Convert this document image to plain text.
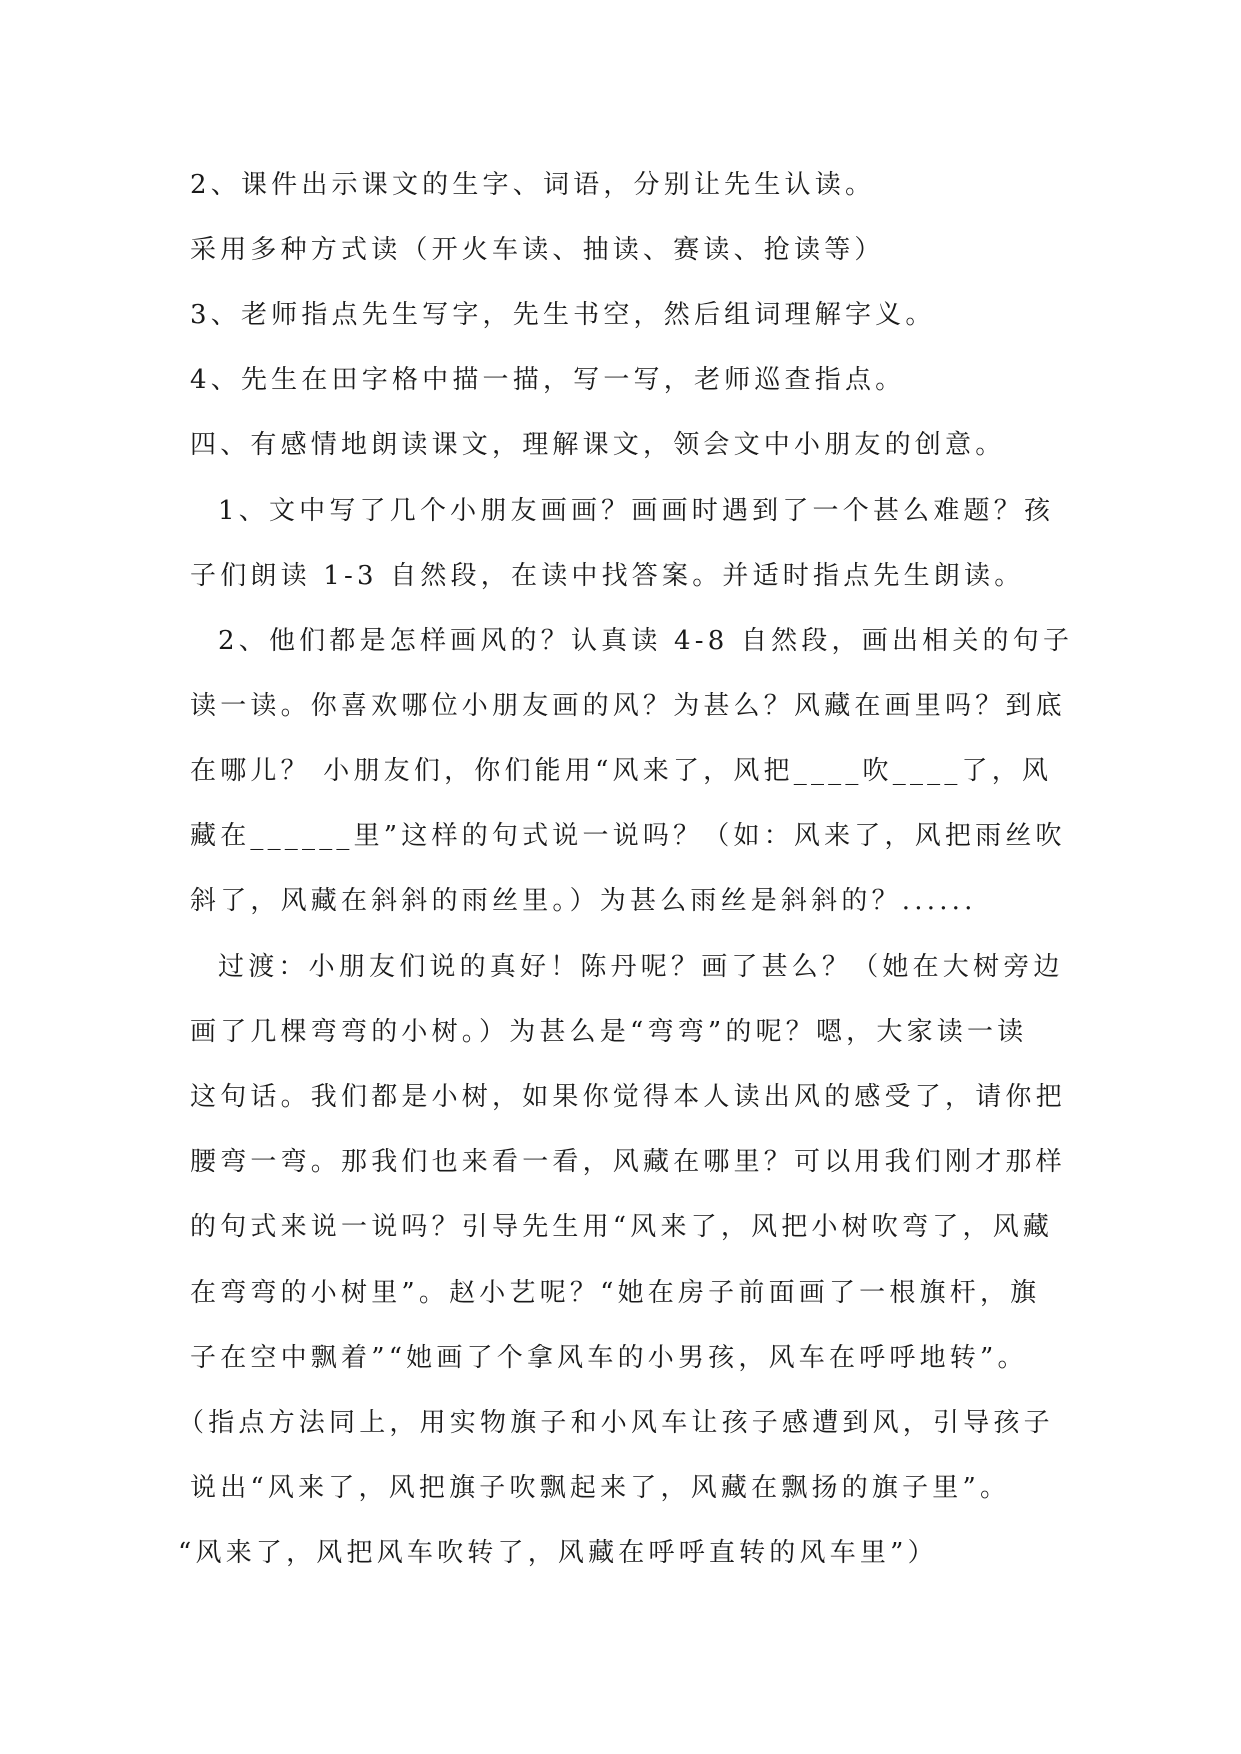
2、课件出示课文的生字、词语，分别让先生认读。
采用多种方式读（开火车读、抽读、赛读、抢读等）
3、老师指点先生写字，先生书空，然后组词理解字义。
4、先生在田字格中描一描，写一写，老师巡查指点。
四、有感情地朗读课文，理解课文，领会文中小朋友的创意。
1、文中写了几个小朋友画画？画画时遇到了一个甚么难题？孩
子们朗读 1-3 自然段，在读中找答案。并适时指点先生朗读。
2、他们都是怎样画风的？认真读 4-8 自然段，画出相关的句子
读一读。你喜欢哪位小朋友画的风？为甚么？风藏在画里吗？到底
在哪儿？ 小朋友们，你们能用“风来了，风把____吹____了，风
藏在______里”这样的句式说一说吗？（如：风来了，风把雨丝吹
斜了，风藏在斜斜的雨丝里。）为甚么雨丝是斜斜的？......
过渡：小朋友们说的真好！陈丹呢？画了甚么？（她在大树旁边
画了几棵弯弯的小树。）为甚么是“弯弯”的呢？嗯，大家读一读
这句话。我们都是小树，如果你觉得本人读出风的感受了，请你把
腰弯一弯。那我们也来看一看，风藏在哪里？可以用我们刚才那样
的句式来说一说吗？引导先生用“风来了，风把小树吹弯了，风藏
在弯弯的小树里”。赵小艺呢？“她在房子前面画了一根旗杆，旗
子在空中飘着”“她画了个拿风车的小男孩，风车在呼呼地转”。
（指点方法同上，用实物旗子和小风车让孩子感遭到风，引导孩子
说出“风来了，风把旗子吹飘起来了，风藏在飘扬的旗子里”。
“风来了，风把风车吹转了，风藏在呼呼直转的风车里”）
